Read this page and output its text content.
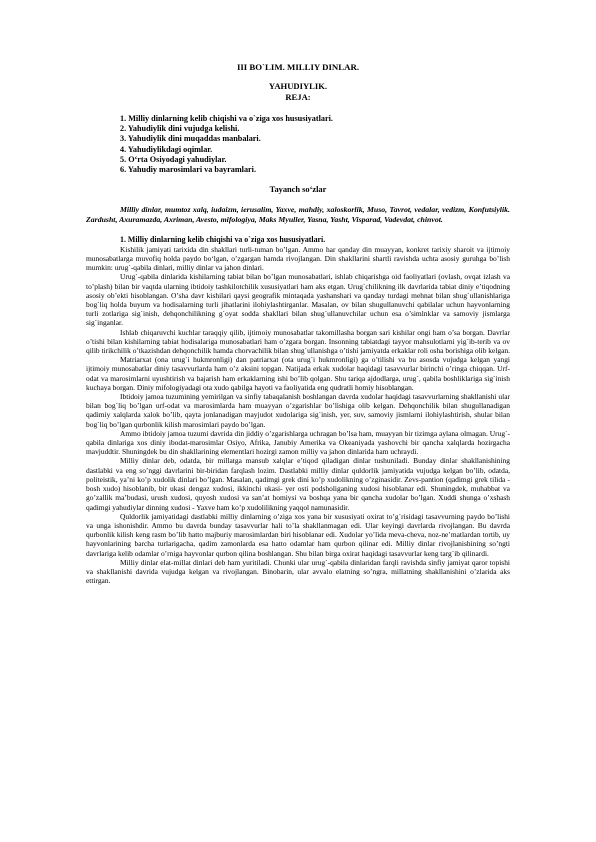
III BO`LIM. MILLIY DINLAR.
YAHUDIYLIK.
REJA:
1. Milliy dinlarning kelib chiqishi va o`ziga xos hususiyatlari.
2. Yahudiylik dini vujudga kelishi.
3. Yahudiylik dini muqaddas manbalari.
4. Yahudiylikdagi oqimlar.
5. O‘rta Osiyodagi yahudiylar.
6. Yahudiy marosimlari va bayramlari.
Tayanch so‘zlar

Milliy dinlar, mumtoz xalq, iudaizm, ierusalim, Yaxve, mahdiy, xaloskorlik, Muso, Tavrot, vedalar, vedizm, Konfutsiylik. Zardusht, Axuramazda, Axriman, Avesto, mifologiya, Maks Myuller, Yasna, Yasht, Visparad, Vadevdat, chinvot.

1. Milliy dinlarning kelib chiqishi va o`ziga xos hususiyatlari.

Kishilik jamiyati tarixida din shakllari turli-tuman bo’lgan. Ammo har qanday din muayyan, konkret tarixiy sharoit va ijtimoiy munosabatlarga muvofiq holda paydo bo‘lgan, o’zgargan hamda rivojlangan. Din shakllarini shartli ravishda uchta asosiy guruhga bo’lish mumkin: urug`-qabila dinlari, milliy dinlar va jahon dinlari.

Urug`-qabila dinlarida kishilarning tabiat bilan bo’lgan munosabatlari, ishlab chiqarishga oid faoliyatlari (ovlash, ovqat izlash va to’plash) bilan bir vaqtda ularning ibtidoiy tashkilotchilik xususiyatlari ham aks etgan. Urug`chilikning ilk davrlarida tabiat diniy e’tiqodning asosiy ob’ekti hisoblangan. O’sha davr kishilari qaysi geografik mintaqada yashanshari va qanday turdagi mehnat bilan shug`ullanishlariga bog`liq holda buyum va hodisalarning turli jihatlarini ilohiylashtirganlar. Masalan, ov bilan shugullanuvchi qabilalar uchun hayvonlarning turli zotlariga sig`inish, dehqonchilikning g`oyat sodda shakllari bilan shug`ullanuvchilar uchun esa o’simlnklar va samoviy jismlarga sig`inganlar.

Ishlab chiqaruvchi kuchlar taraqqiy qilib, ijtimoiy munosabatlar takomillasha borgan sari kishilar ongi ham o’sa borgan. Davrlar o’tishi bilan kishilarning tabiat hodisalariga munosabatlari ham o’zgara borgan. Insonning tabiatdagi tayyor mahsulotlarni yig`ib-terib va ov qilib tirikchilik o’tkazishdan dehqonchilik hamda chorvachilik bilan shug`ullanishga o’tishi jamiyatda erkaklar roli osha borishiga olib kelgan.

Matriarxat (ona urug`i hukmronligi) dan patriarxat (ota urug`i hukmronligi) ga o’tilishi va bu asosda vujudga kelgan yangi ijtimoiy munosabatlar diniy tasavvurlarda ham o’z aksini topgan. Natijada erkak xudolar haqidagi tasavvurlar birinchi o’ringa chiqqan. Urf-odat va marosimlarni uyushtirish va bajarish ham erkaklarning ishi bo’lib qolgan. Shu tariqa ajdodlarga, urug`, qabila boshliklariga sig`inish kuchaya borgan. Diniy mifologiyadagi ota xudo qabilga hayoti va faoliyatida eng qudratli homiy hisoblangan.

Ibtidoiy jamoa tuzumining yemirilgan va sinfiy tabaqalanish boshlangan davrda xudolar haqidagi tasavvurlarning shakllanishi ular bilan bog`liq bo’lgan urf-odat va marosimlarda ham muayyan o’zgarishlar bo’lishiga olib kelgan. Dehqonchilik bilan shugullanadigan qadimiy xalqlarda xalok bo’lib, qayta jonlanadigan mayjudot xudolariga sig`inish, yer, suv, samoviy jismlarni ilohiylashtirish, shular bilan bog`liq bo’lgan qurbonlik kilish marosimlari paydo bo’lgan.

Ammo ibtidoiy jamoa tuzumi davrida din jiddiy o’zgarishlarga uchragan bo’lsa ham, muayyan bir tizimga aylana olmagan. Urug`-qabila dinlariga xos diniy ibodat-marosimlar Osiyo, Afrika, Janubiy Amerika va Okeaniyada yashovchi bir qancha xalqlarda hozirgacha mavjuddtir. Shuningdek bu din shakllarining elementlari hozirgi zamon milliy va jahon dinlarida ham uchraydi.

Milliy dinlar deb, odatda, bir millatga mansub xalqlar e’tiqod qiladigan dinlar tushuniladi. Bunday dinlar shakllanishining dastlabki va eng so’nggi davrlarini bir-biridan farqlash lozim. Dastlabki milliy dinlar quldorlik jamiyatida vujudga kelgan bo’lib, odatda, politeistik, ya’ni ko’p xudolik dinlari bo’lgan. Masalan, qadimgi grek dini ko’p xudolikning o’zginasidir. Zevs-pantion (qadimgi grek tilida - bosh xudo) hisoblanib, bir ukasi dengaz xudosi, ikkinchi ukasi- yer osti podsholiganing xudosi hisoblanar edi. Shuningdek, muhabbat va go’zallik ma’budasi, urush xudosi, quyosh xudosi va san’at homiysi va boshqa yana bir qancha xudolar bo’lgan. Xuddi shunga o’xshash qadimgi yahudiylar dinning xudosi - Yaxve ham ko’p xudolilikning yaqqol namunasidir.

Quldorlik jamiyatidagi dastlabki milliy dinlarning o’ziga xos yana bir xususiyati oxirat to’g`risidagi tasavvurning paydo bo’lishi va unga ishonishdir. Ammo bu davrda bunday tasavvurlar hali to’la shakllanmagan edi. Ular keyingi davrlarda rivojlangan. Bu davrda qurbonlik kilish keng rasm bo’lib hatto majburiy marosimlardan biri hisoblanar edi. Xudolar yo’lida meva-cheva, noz-ne’matlardan tortib, uy hayvonlarining barcha turlarigacha, qadim zamonlarda esa hatto odamlar ham qurbon qilinar edi. Milliy dinlar rivojlanishining so’ngti davrlariga kelib odamlar o’rniga hayvonlar qurbon qilina boshlangan. Shu bilan birga oxirat haqidagi tasavvurlar keng targ`ib qilinardi.

Milliy dinlar elat-millat dinlari deb ham yuritiladi. Chunki ular urug`-qabila dinlaridan farqli ravishda sinfiy jamiyat qaror topishi va shakllanishi davrida vujudga kelgan va rivojlangan. Binobarin, ular avvalo elatning so’ngra, millatning shakllanishini o’zlarida aks ettirgan.
